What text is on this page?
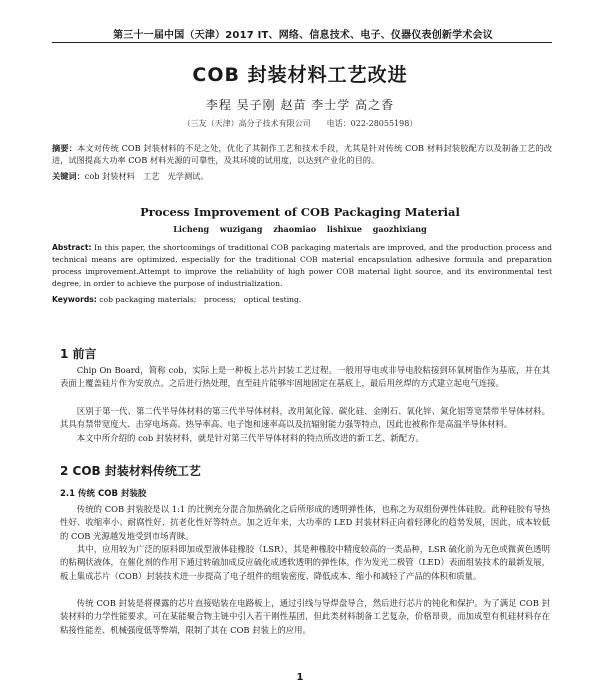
第三十一届中国（天津）2017 IT、网络、信息技术、电子、仪器仪表创新学术会议
COB 封装材料工艺改进
李程 吴子刚 赵苗 李士学 高之香
（三友（天津）高分子技术有限公司　　电话：022-28055198）
摘要：本文对传统 COB 封装材料的不足之处，优化了其制作工艺和技术手段，尤其是针对传统 COB 材料封装胶配方以及制备工艺的改进，试图提高大功率 COB 材料光源的可靠性，及其环境的试用度，以达到产业化的目的。
关键词：cob 封装材料　工艺　光学测试。
Process Improvement of COB Packaging Material
Licheng wuzigang zhaomiao lishixue gaozhixiang
Abstract: In this paper, the shortcomings of traditional COB packaging materials are improved, and the production process and technical means are optimized, especially for the traditional COB material encapsulation adhesive formula and preparation process improvement.Attempt to improve the reliability of high power COB material light source, and its environmental test degree, in order to achieve the purpose of industrialization.
Keywords: cob packaging materials;　process;　optical testing.
1 前言
Chip On Board，简称 cob，实际上是一种板上芯片封装工艺过程。一般用导电或非导电胶粘接到环氧树脂作为基底，并在其表面上覆盖硅片作为安放点。之后进行热处理，直至硅片能够牢固地固定在基底上，最后用丝焊的方式建立起电气连接。
区别于第一代、第二代半导体材料的第三代半导体材料，改用氮化镓、碳化硅、金刚石、氧化锌、氮化铝等宽禁带半导体材料。其具有禁带宽度大、击穿电场高、热导率高、电子饱和速率高以及抗辐射能力强等特点，因此也被称作是高温半导体材料。
本文中所介绍的 cob 封装材料，就是针对第三代半导体材料的特点所改进的新工艺、新配方。
2 COB 封装材料传统工艺
2.1 传统 COB 封装胶
传统的 COB 封装胶是以 1:1 的比例充分混合加热硫化之后所形成的透明弹性体，也称之为双组份弹性体硅胶。此种硅胶有导热性好、收缩率小、耐腐性好、抗老化性好等特点。加之近年来，大功率的 LED 封装材料正向着轻薄化的趋势发展，因此，成本较低的 COB 光源越发地受到市场青睐。
其中，应用较为广泛的原料即加成型液体硅橡胶（LSR），其是种橡胶中精度较高的一类品种，LSR 硫化前为无色或微黄色透明的粘稠状液体，在催化剂的作用下通过转硫加成反应硫化成透软透明的弹性体。作为发光二极管（LED）表面组装技术的最新发展，板上集成芯片（COB）封装技术进一步提高了电子组件的组装密度、降低成本、缩小和减轻了产品的体积和质量。
传统 COB 封装是将裸露的芯片直接贴装在电路板上，通过引线与导焊盘导合，然后进行芯片的钝化和保护。为了满足 COB 封装材料的力学性能要求，可在某能聚合物主链中引入若干刚性基团，但此类材料制备工艺复杂，价格昂贵，而加成型有机硅材料存在粘接性能差、机械强度低等弊端，限制了其在 COB 封装上的应用。
1
